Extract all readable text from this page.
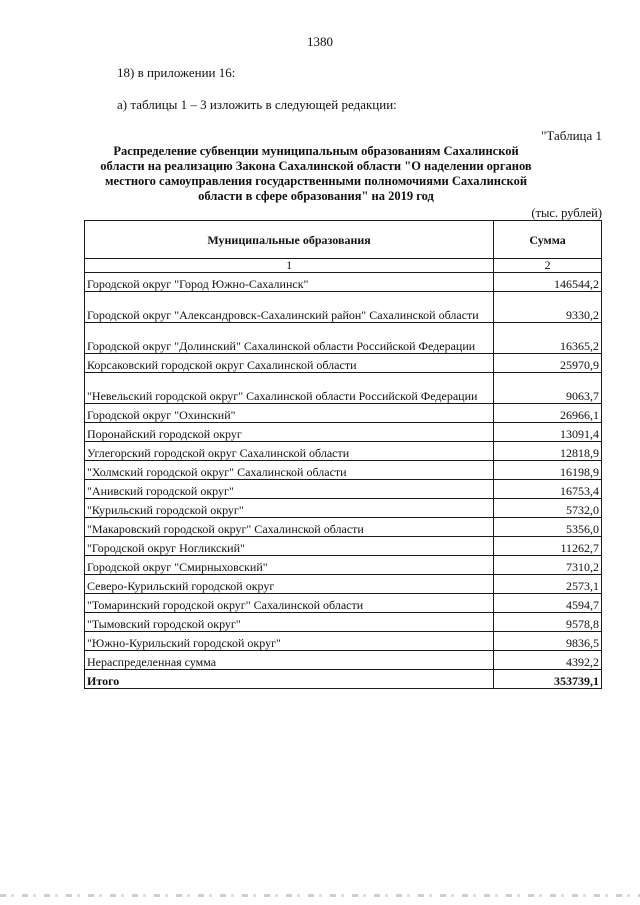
1380
18) в приложении 16:
а) таблицы 1 – 3 изложить в следующей редакции:
"Таблица 1
Распределение субвенции муниципальным образованиям Сахалинской области на реализацию Закона Сахалинской области "О наделении органов местного самоуправления государственными полномочиями Сахалинской области в сфере образования" на 2019 год
(тыс. рублей)
Муниципальные образования	Сумма
1	2
Городской округ "Город Южно-Сахалинск"	146544,2
Городской округ "Александровск-Сахалинский район" Сахалинской области	9330,2
Городской округ "Долинский" Сахалинской области Российской Федерации	16365,2
Корсаковский городской округ Сахалинской области	25970,9
"Невельский городской округ" Сахалинской области Российской Федерации	9063,7
Городской округ "Охинский"	26966,1
Поронайский городской округ	13091,4
Углегорский городской округ Сахалинской области	12818,9
"Холмский городской округ" Сахалинской области	16198,9
"Анивский городской округ"	16753,4
"Курильский городской округ"	5732,0
"Макаровский городской округ" Сахалинской области	5356,0
"Городской округ Ногликский"	11262,7
Городской округ "Смирныховский"	7310,2
Северо-Курильский городской округ	2573,1
"Томаринский городской округ" Сахалинской области	4594,7
"Тымовский городской округ"	9578,8
"Южно-Курильский городской округ"	9836,5
Нераспределенная сумма	4392,2
Итого	353739,1
